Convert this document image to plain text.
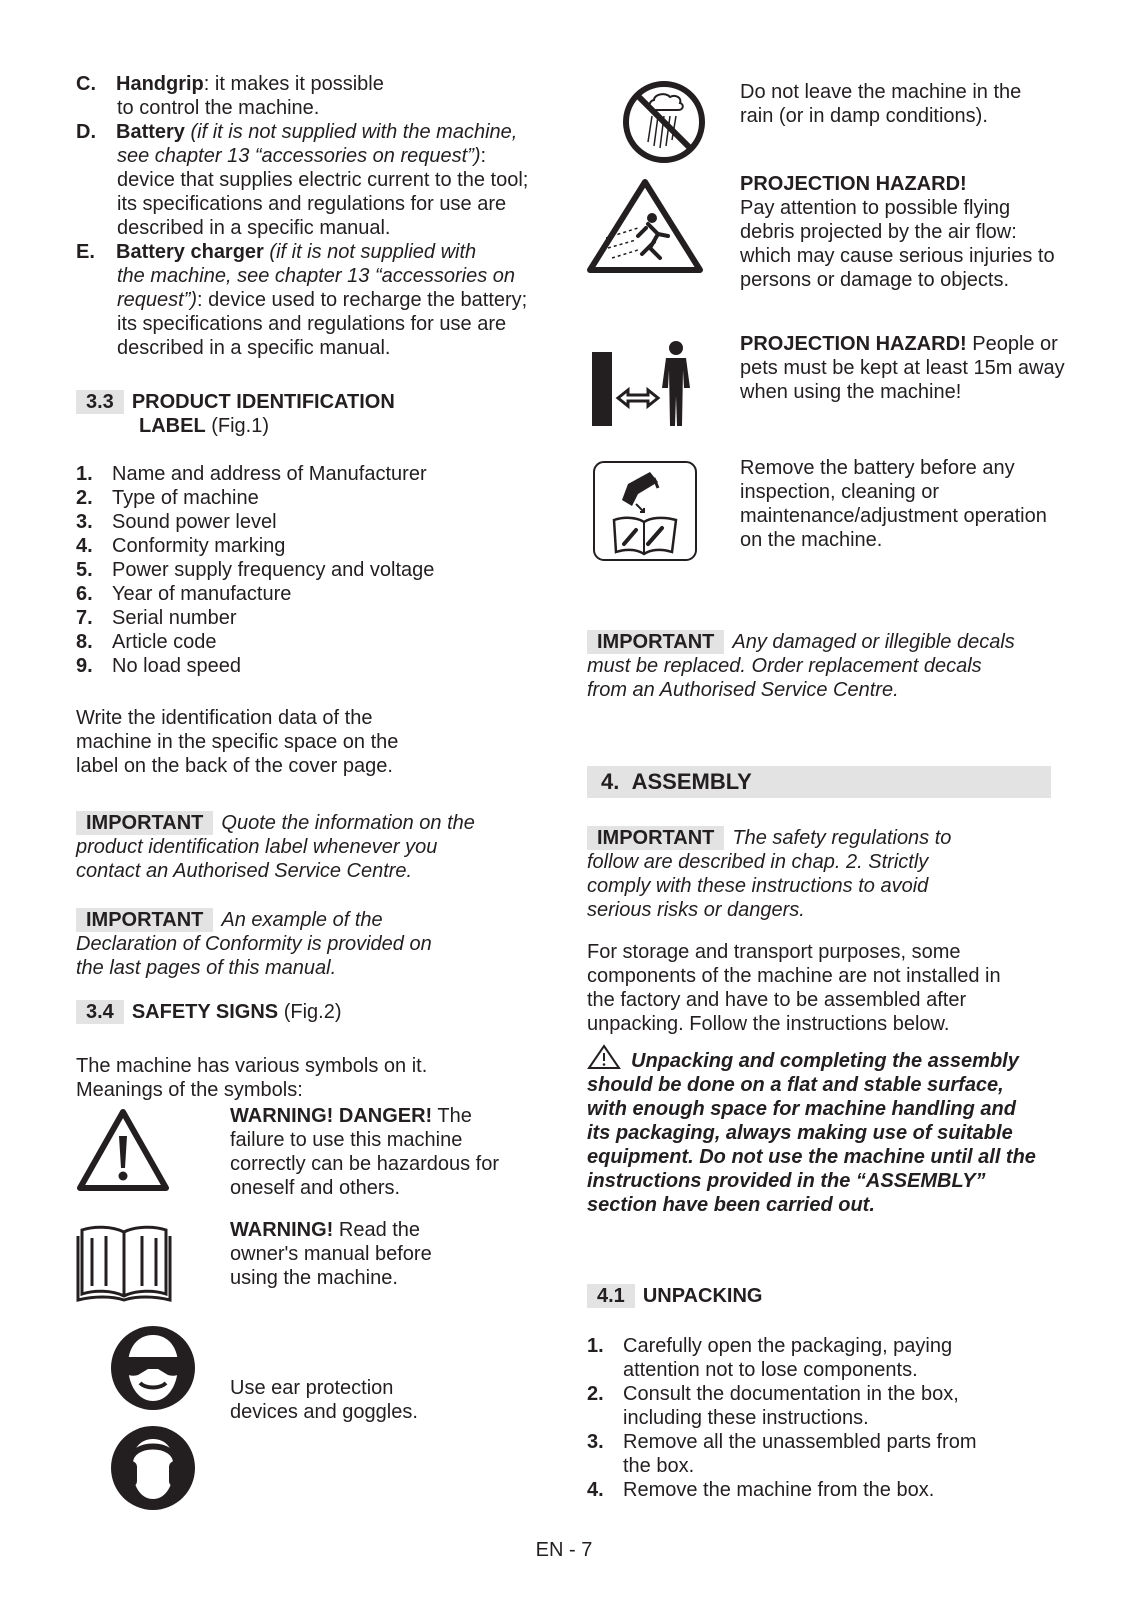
C. Handgrip: it makes it possible
to control the machine.
D. Battery (if it is not supplied with the machine,
see chapter 13 “accessories on request”): device that supplies electric current to the tool; its specifications and regulations for use are described in a specific manual.
E. Battery charger (if it is not supplied with
the machine, see chapter 13 “accessories on request”): device used to recharge the battery; its specifications and regulations for use are described in a specific manual.
3.3 PRODUCT IDENTIFICATION
LABEL (Fig.1)
1. Name and address of Manufacturer
2. Type of machine
3. Sound power level
4. Conformity marking
5. Power supply frequency and voltage
6. Year of manufacture
7. Serial number
8. Article code
9. No load speed
Write the identification data of the machine in the specific space on the label on the back of the cover page.
IMPORTANT Quote the information on the product identification label whenever you contact an Authorised Service Centre.
IMPORTANT An example of the Declaration of Conformity is provided on the last pages of this manual.
3.4 SAFETY SIGNS (Fig.2)
The machine has various symbols on it. Meanings of the symbols:
WARNING! DANGER! The failure to use this machine correctly can be hazardous for oneself and others.
WARNING! Read the owner's manual before using the machine.
Use ear protection devices and goggles.
Do not leave the machine in the rain (or in damp conditions).
PROJECTION HAZARD!
Pay attention to possible flying debris projected by the air flow: which may cause serious injuries to persons or damage to objects.
PROJECTION HAZARD! People or pets must be kept at least 15m away when using the machine!
Remove the battery before any inspection, cleaning or maintenance/adjustment operation on the machine.
IMPORTANT Any damaged or illegible decals must be replaced. Order replacement decals from an Authorised Service Centre.
4. ASSEMBLY
IMPORTANT The safety regulations to follow are described in chap. 2. Strictly comply with these instructions to avoid serious risks or dangers.
For storage and transport purposes, some components of the machine are not installed in the factory and have to be assembled after unpacking. Follow the instructions below.
Unpacking and completing the assembly should be done on a flat and stable surface, with enough space for machine handling and its packaging, always making use of suitable equipment. Do not use the machine until all the instructions provided in the “ASSEMBLY” section have been carried out.
4.1 UNPACKING
1. Carefully open the packaging, paying attention not to lose components.
2. Consult the documentation in the box, including these instructions.
3. Remove all the unassembled parts from the box.
4. Remove the machine from the box.
EN - 7
